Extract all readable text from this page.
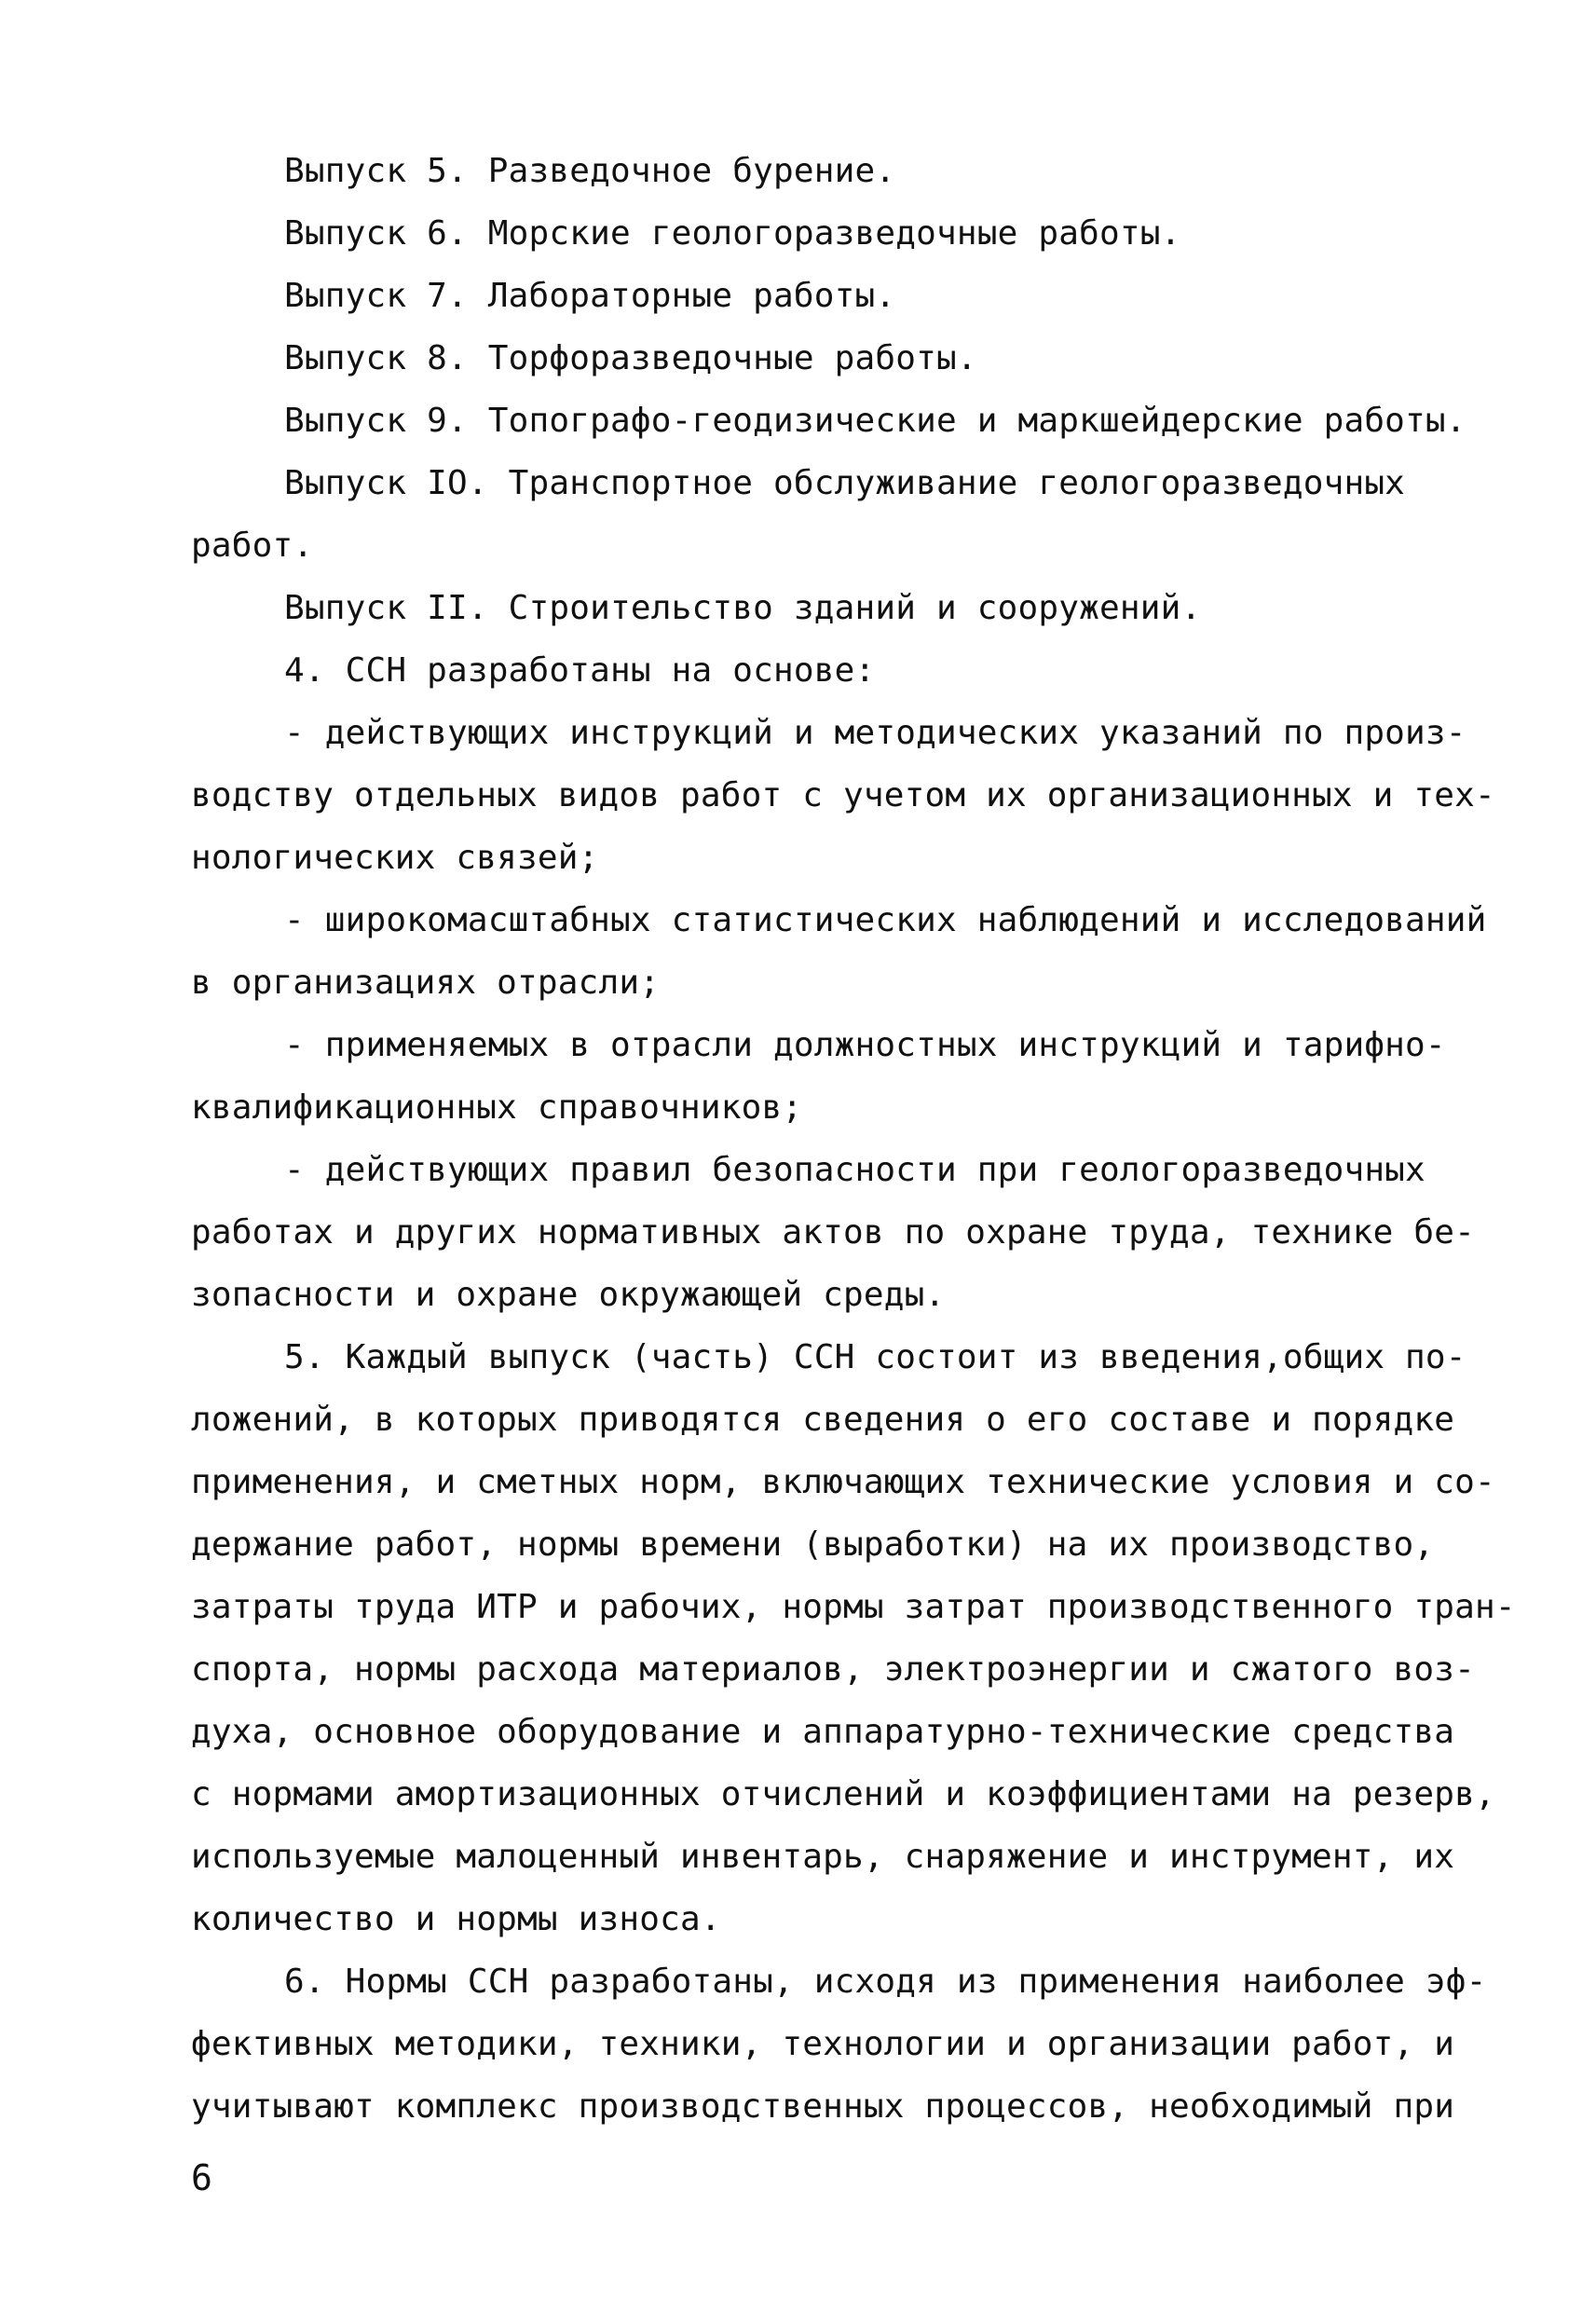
Выпуск 5. Разведочное бурение.
Выпуск 6. Морские геологоразведочные работы.
Выпуск 7. Лабораторные работы.
Выпуск 8. Торфоразведочные работы.
Выпуск 9. Топографо-геодизические и маркшейдерские работы.
Выпуск IO. Транспортное обслуживание геологоразведочных
работ.
Выпуск II. Строительство зданий и сооружений.
4. ССН разработаны на основе:
- действующих инструкций и методических указаний по произ-
водству отдельных видов работ с учетом их организационных и тех-
нологических связей;
- широкомасштабных статистических наблюдений и исследований
в организациях отрасли;
- применяемых в отрасли должностных инструкций и тарифно-
квалификационных справочников;
- действующих правил безопасности при геологоразведочных
работах и других нормативных актов по охране труда, технике бе-
зопасности и охране окружающей среды.
5. Каждый выпуск (часть) ССН состоит из введения,общих по-
ложений, в которых приводятся сведения о его составе и порядке
применения, и сметных норм, включающих технические условия и со-
держание работ, нормы времени (выработки) на их производство,
затраты труда ИТР и рабочих, нормы затрат производственного тран-
спорта, нормы расхода материалов, электроэнергии и сжатого воз-
духа, основное оборудование и аппаратурно-технические средства
с нормами амортизационных отчислений и коэффициентами на резерв,
используемые малоценный инвентарь, снаряжение и инструмент, их
количество и нормы износа.
6. Нормы ССН разработаны, исходя из применения наиболее эф-
фективных методики, техники, технологии и организации работ, и
учитывают комплекс производственных процессов, необходимый при
6
